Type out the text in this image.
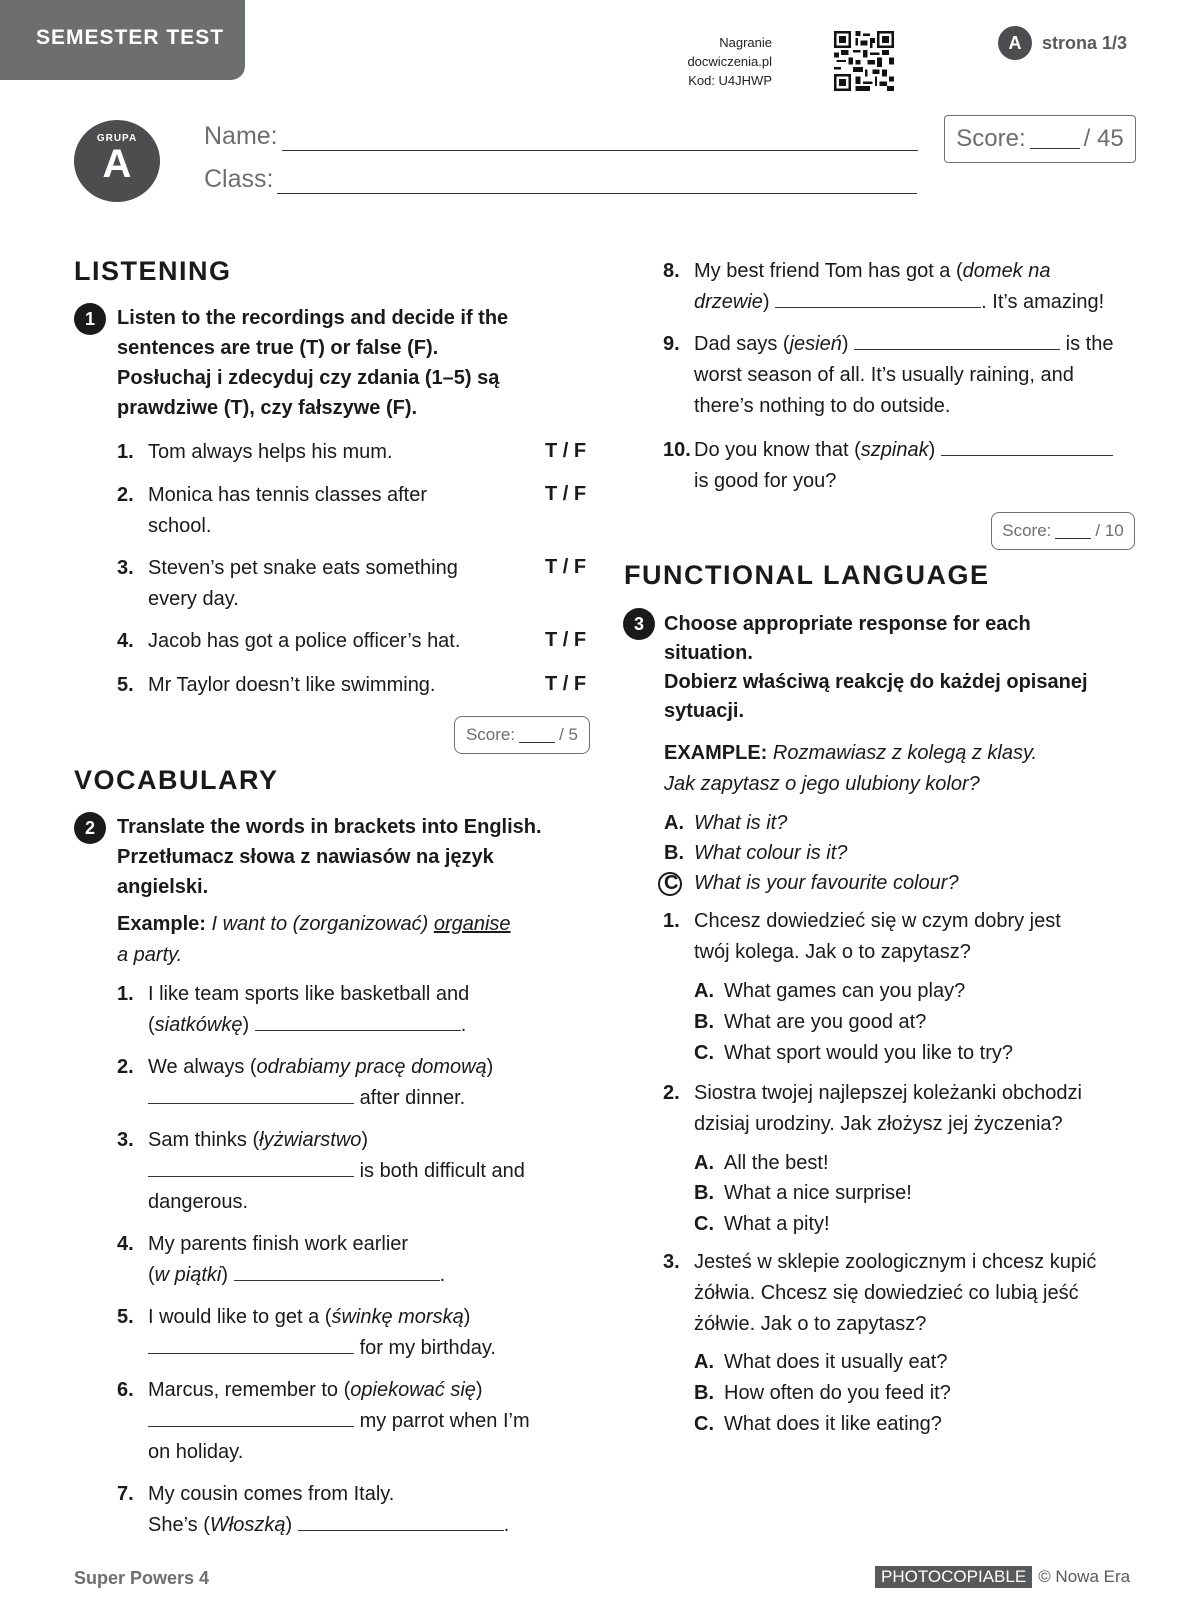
SEMESTER TEST	Nagranie
docwiczenia.pl
Kod: U4JHWP
A	strona 1/3
GRUPA
A
Name:
Class:
Score: / 45
LISTENING
1	Listen to the recordings and decide if the

sentences are true (T) or false (F).

Posłuchaj i zdecyduj czy zdania (1–5) są

prawdziwe (T), czy fałszywe (F).

1. Tom always helps his mum.	T / F
2. Monica has tennis classes after
school.
T / F
3. Steven’s pet snake eats something
every day.
T / F
4. Jacob has got a police officer’s hat.	T / F
5. Mr Taylor doesn’t like swimming.	T / F
Score:	/ 5
VOCABULARY
2	Translate the words in brackets into English.

Przetłumacz słowa z nawiasów na język

angielski.

Example: I want to (zorganizować) organise
a party.
1. I like team sports like basketball and
(siatkówkę)	.
2. We always (odrabiamy pracę domową)
after dinner.
3. Sam thinks (łyżwiarstwo)
is both difficult and
dangerous.
4. My parents finish work earlier
(w piątki)	.
5. I would like to get a (świnkę morską)
for my birthday.
6. Marcus, remember to (opiekować się)
my parrot when I’m
on holiday.
7. My cousin comes from Italy.
She’s (Włoszką)	.
8. My best friend Tom has got a (domek na
drzewie)	. It’s amazing!
9. Dad says (jesień)	is the
worst season of all. It’s usually raining, and
there’s nothing to do outside.
10. Do you know that (szpinak)
is good for you?
Score:	/ 10
FUNCTIONAL LANGUAGE
3	Choose appropriate response for each

situation.

Dobierz właściwą reakcję do każdej opisanej

sytuacji.

EXAMPLE: Rozmawiasz z kolegą z klasy.
Jak zapytasz o jego ulubiony kolor?
A. What is it?
B. What colour is it?
C What is your favourite colour?
1. Chcesz dowiedzieć się w czym dobry jest
twój kolega. Jak o to zapytasz?
A. What games can you play?
B. What are you good at?
C. What sport would you like to try?
2. Siostra twojej najlepszej koleżanki obchodzi
dzisiaj urodziny. Jak złożysz jej życzenia?
A. All the best!
B. What a nice surprise!
C. What a pity!
3. Jesteś w sklepie zoologicznym i chcesz kupić
żółwia. Chcesz się dowiedzieć co lubią jeść
żółwie. Jak o to zapytasz?
A. What does it usually eat?
B. How often do you feed it?
C. What does it like eating?
Super Powers 4	PHOTOCOPIABLE © Nowa Era
